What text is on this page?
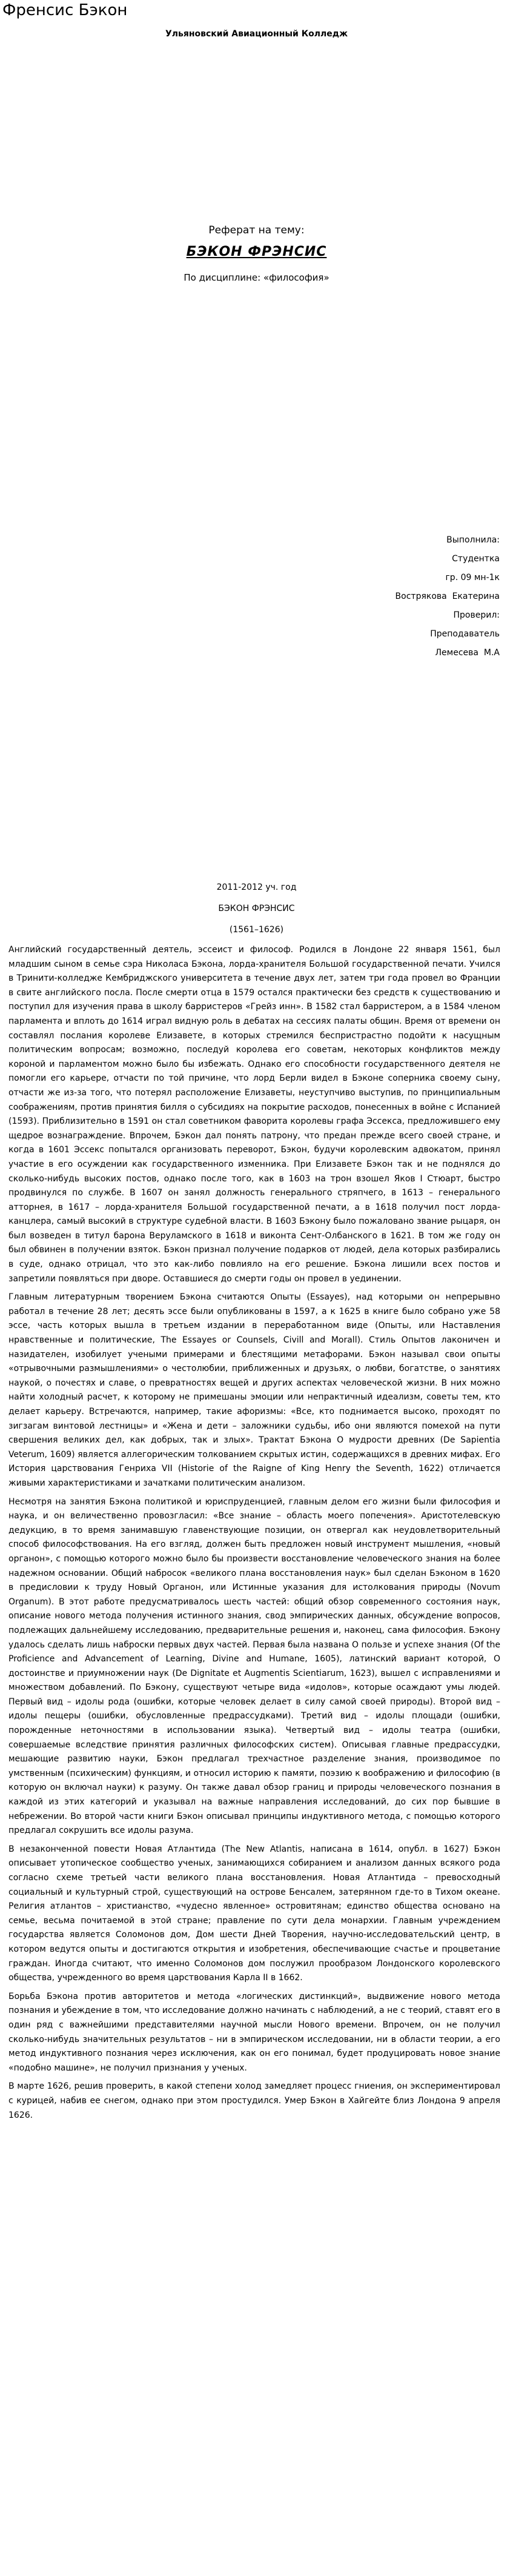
Френсис Бэкон
Ульяновский Авиационный Колледж
Реферат на тему:
БЭКОН ФРЭНСИС
По дисциплине: «философия»
Выполнила:
Студентка
гр. 09 мн-1к
Вострякова  Екатерина
Проверил:
Преподаватель
Лемесева  М.А
2011-2012 уч. год
БЭКОН ФРЭНСИС
(1561–1626)

Английский государственный деятель, эссеист и философ. Родился в Лондоне 22 января 1561, был младшим сыном в семье сэра Николаса Бэкона, лорда-хранителя Большой государственной печати. Учился в Тринити-колледже Кембриджского университета в течение двух лет, затем три года провел во Франции в свите английского посла. После смерти отца в 1579 остался практически без средств к существованию и поступил для изучения права в школу барристеров «Грейз инн». В 1582 стал барристером, а в 1584 членом парламента и вплоть до 1614 играл видную роль в дебатах на сессиях палаты общин. Время от времени он составлял послания королеве Елизавете, в которых стремился беспристрастно подойти к насущным политическим вопросам; возможно, последуй королева его советам, некоторых конфликтов между короной и парламентом можно было бы избежать. Однако его способности государственного деятеля не помогли его карьере, отчасти по той причине, что лорд Берли видел в Бэконе соперника своему сыну, отчасти же из-за того, что потерял расположение Елизаветы, неуступчиво выступив, по принципиальным соображениям, против принятия билля о субсидиях на покрытие расходов, понесенных в войне с Испанией (1593). Приблизительно в 1591 он стал советником фаворита королевы графа Эссекса, предложившего ему щедрое вознаграждение. Впрочем, Бэкон дал понять патрону, что предан прежде всего своей стране, и когда в 1601 Эссекс попытался организовать переворот, Бэкон, будучи королевским адвокатом, принял участие в его осуждении как государственного изменника. При Елизавете Бэкон так и не поднялся до сколько-нибудь высоких постов, однако после того, как в 1603 на трон взошел Яков I Стюарт, быстро продвинулся по службе. В 1607 он занял должность генерального стряпчего, в 1613 – генерального атторнея, в 1617 – лорда-хранителя Большой государственной печати, а в 1618 получил пост лорда-канцлера, самый высокий в структуре судебной власти. В 1603 Бэкону было пожаловано звание рыцаря, он был возведен в титул барона Веруламского в 1618 и виконта Сент-Олбанского в 1621. В том же году он был обвинен в получении взяток. Бэкон признал получение подарков от людей, дела которых разбирались в суде, однако отрицал, что это как-либо повлияло на его решение. Бэкона лишили всех постов и запретили появляться при дворе. Оставшиеся до смерти годы он провел в уединении.

Главным литературным творением Бэкона считаются Опыты (Essayes), над которыми он непрерывно работал в течение 28 лет; десять эссе были опубликованы в 1597, а к 1625 в книге было собрано уже 58 эссе, часть которых вышла в третьем издании в переработанном виде (Опыты, или Наставления нравственные и политические, The Essayes or Counsels, Civill and Morall). Стиль Опытов лаконичен и назидателен, изобилует учеными примерами и блестящими метафорами. Бэкон называл свои опыты «отрывочными размышлениями» о честолюбии, приближенных и друзьях, о любви, богатстве, о занятиях наукой, о почестях и славе, о превратностях вещей и других аспектах человеческой жизни. В них можно найти холодный расчет, к которому не примешаны эмоции или непрактичный идеализм, советы тем, кто делает карьеру. Встречаются, например, такие афоризмы: «Все, кто поднимается высоко, проходят по зигзагам винтовой лестницы» и «Жена и дети – заложники судьбы, ибо они являются помехой на пути свершения великих дел, как добрых, так и злых». Трактат Бэкона О мудрости древних (De Sapientia Veterum, 1609) является аллегорическим толкованием скрытых истин, содержащихся в древних мифах. Его История царствования Генриха VII (Historie of the Raigne of King Henry the Seventh, 1622) отличается живыми характеристиками и зачатками политическим анализом.

Несмотря на занятия Бэкона политикой и юриспруденцией, главным делом его жизни были философия и наука, и он величественно провозгласил: «Все знание – область моего попечения». Аристотелевскую дедукцию, в то время занимавшую главенствующие позиции, он отвергал как неудовлетворительный способ философствования. На его взгляд, должен быть предложен новый инструмент мышления, «новый органон», с помощью которого можно было бы произвести восстановление человеческого знания на более надежном основании. Общий набросок «великого плана восстановления наук» был сделан Бэконом в 1620 в предисловии к труду Новый Органон, или Истинные указания для истолкования природы (Novum Organum). В этот работе предусматривалось шесть частей: общий обзор современного состояния наук, описание нового метода получения истинного знания, свод эмпирических данных, обсуждение вопросов, подлежащих дальнейшему исследованию, предварительные решения и, наконец, сама философия. Бэкону удалось сделать лишь наброски первых двух частей. Первая была названа О пользе и успехе знания (Of the Proficience and Advancement of Learning, Divine and Humane, 1605), латинский вариант которой, О достоинстве и приумножении наук (De Dignitate et Augmentis Scientiarum, 1623), вышел с исправлениями и множеством добавлений. По Бэкону, существуют четыре вида «идолов», которые осаждают умы людей. Первый вид – идолы рода (ошибки, которые человек делает в силу самой своей природы). Второй вид – идолы пещеры (ошибки, обусловленные предрассудками). Третий вид – идолы площади (ошибки, порожденные неточностями в использовании языка). Четвертый вид – идолы театра (ошибки, совершаемые вследствие принятия различных философских систем). Описывая главные предрассудки, мешающие развитию науки, Бэкон предлагал трехчастное разделение знания, производимое по умственным (психическим) функциям, и относил историю к памяти, поэзию к воображению и философию (в которую он включал науки) к разуму. Он также давал обзор границ и природы человеческого познания в каждой из этих категорий и указывал на важные направления исследований, до сих пор бывшие в небрежении. Во второй части книги Бэкон описывал принципы индуктивного метода, с помощью которого предлагал сокрушить все идолы разума.

В незаконченной повести Новая Атлантида (The New Atlantis, написана в 1614, опубл. в 1627) Бэкон описывает утопическое сообщество ученых, занимающихся собиранием и анализом данных всякого рода согласно схеме третьей части великого плана восстановления. Новая Атлантида – превосходный социальный и культурный строй, существующий на острове Бенсалем, затерянном где-то в Тихом океане. Религия атлантов – христианство, «чудесно явленное» островитянам; единство общества основано на семье, весьма почитаемой в этой стране; правление по сути дела монархии. Главным учреждением государства является Соломонов дом, Дом шести Дней Творения, научно-исследовательский центр, в котором ведутся опыты и достигаются открытия и изобретения, обеспечивающие счастье и процветание граждан. Иногда считают, что именно Соломонов дом послужил прообразом Лондонского королевского общества, учрежденного во время царствования Карла II в 1662.

Борьба Бэкона против авторитетов и метода «логических дистинкций», выдвижение нового метода познания и убеждение в том, что исследование должно начинать с наблюдений, а не с теорий, ставят его в один ряд с важнейшими представителями научной мысли Нового времени. Впрочем, он не получил сколько-нибудь значительных результатов – ни в эмпирическом исследовании, ни в области теории, а его метод индуктивного познания через исключения, как он его понимал, будет продуцировать новое знание «подобно машине», не получил признания у ученых.

В марте 1626, решив проверить, в какой степени холод замедляет процесс гниения, он экспериментировал с курицей, набив ее снегом, однако при этом простудился. Умер Бэкон в Хайгейте близ Лондона 9 апреля 1626.
